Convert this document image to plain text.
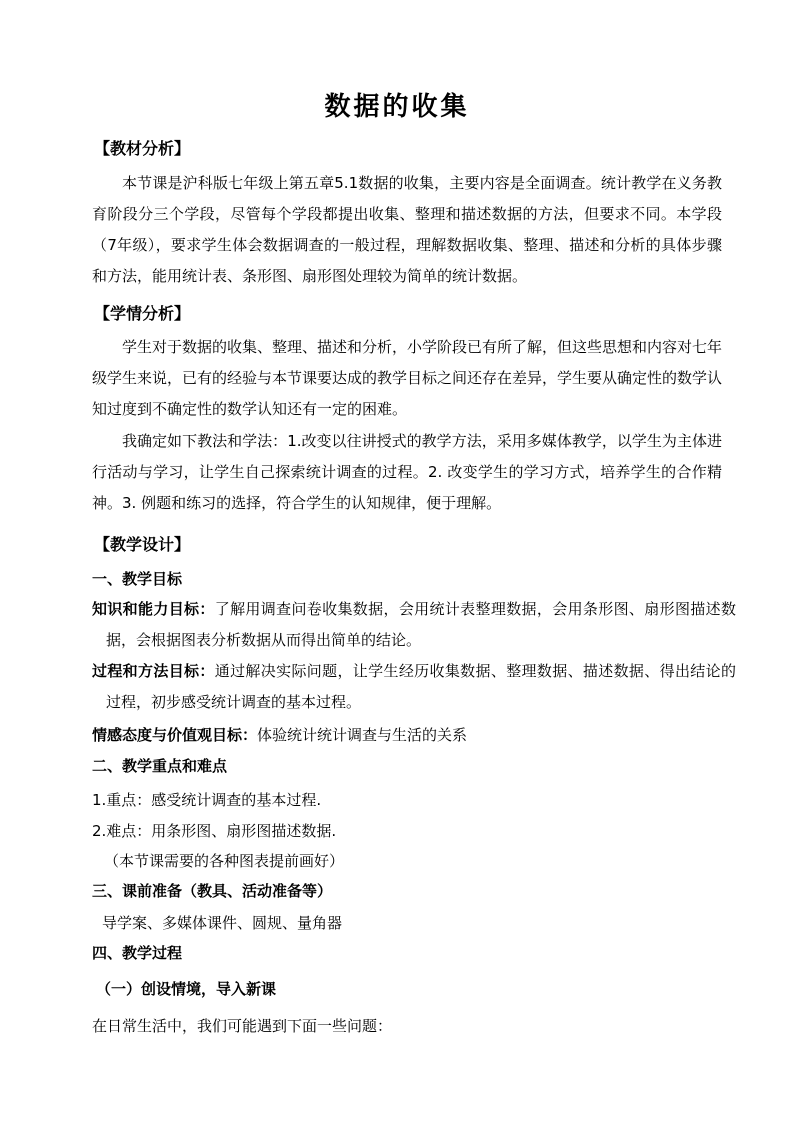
数据的收集
【教材分析】
本节课是沪科版七年级上第五章5.1数据的收集，主要内容是全面调查。统计教学在义务教育阶段分三个学段，尽管每个学段都提出收集、整理和描述数据的方法，但要求不同。本学段（7年级），要求学生体会数据调查的一般过程，理解数据收集、整理、描述和分析的具体步骤和方法，能用统计表、条形图、扇形图处理较为简单的统计数据。
【学情分析】
学生对于数据的收集、整理、描述和分析，小学阶段已有所了解，但这些思想和内容对七年级学生来说，已有的经验与本节课要达成的教学目标之间还存在差异，学生要从确定性的数学认知过度到不确定性的数学认知还有一定的困难。
我确定如下教法和学法：1.改变以往讲授式的教学方法，采用多媒体教学，以学生为主体进行活动与学习，让学生自己探索统计调查的过程。2. 改变学生的学习方式，培养学生的合作精神。3. 例题和练习的选择，符合学生的认知规律，便于理解。
【教学设计】
一、教学目标
知识和能力目标：了解用调查问卷收集数据，会用统计表整理数据，会用条形图、扇形图描述数据，会根据图表分析数据从而得出简单的结论。
过程和方法目标：通过解决实际问题，让学生经历收集数据、整理数据、描述数据、得出结论的过程，初步感受统计调查的基本过程。
情感态度与价值观目标：体验统计统计调查与生活的关系
二、教学重点和难点
1.重点：感受统计调查的基本过程.
2.难点：用条形图、扇形图描述数据.
（本节课需要的各种图表提前画好）
三、课前准备（教具、活动准备等）
导学案、多媒体课件、圆规、量角器
四、教学过程
（一）创设情境，导入新课
在日常生活中，我们可能遇到下面一些问题：
